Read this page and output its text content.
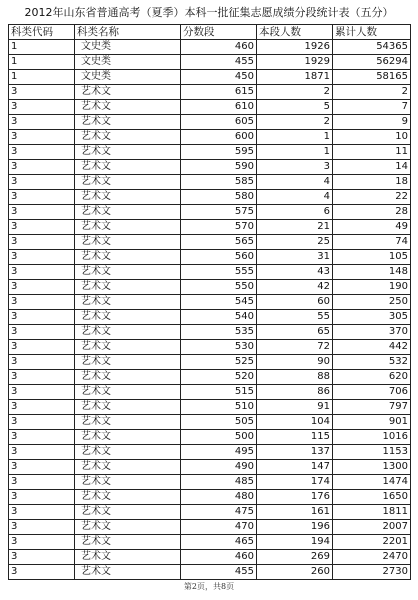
2012年山东省普通高考（夏季）本科一批征集志愿成绩分段统计表（五分）
科类代码	科类名称	分数段	本段人数	累计人数
1	文史类	460	1926	54365
1	文史类	455	1929	56294
1	文史类	450	1871	58165
3	艺术文	615	2	2
3	艺术文	610	5	7
3	艺术文	605	2	9
3	艺术文	600	1	10
3	艺术文	595	1	11
3	艺术文	590	3	14
3	艺术文	585	4	18
3	艺术文	580	4	22
3	艺术文	575	6	28
3	艺术文	570	21	49
3	艺术文	565	25	74
3	艺术文	560	31	105
3	艺术文	555	43	148
3	艺术文	550	42	190
3	艺术文	545	60	250
3	艺术文	540	55	305
3	艺术文	535	65	370
3	艺术文	530	72	442
3	艺术文	525	90	532
3	艺术文	520	88	620
3	艺术文	515	86	706
3	艺术文	510	91	797
3	艺术文	505	104	901
3	艺术文	500	115	1016
3	艺术文	495	137	1153
3	艺术文	490	147	1300
3	艺术文	485	174	1474
3	艺术文	480	176	1650
3	艺术文	475	161	1811
3	艺术文	470	196	2007
3	艺术文	465	194	2201
3	艺术文	460	269	2470
3	艺术文	455	260	2730
第2页，共8页
